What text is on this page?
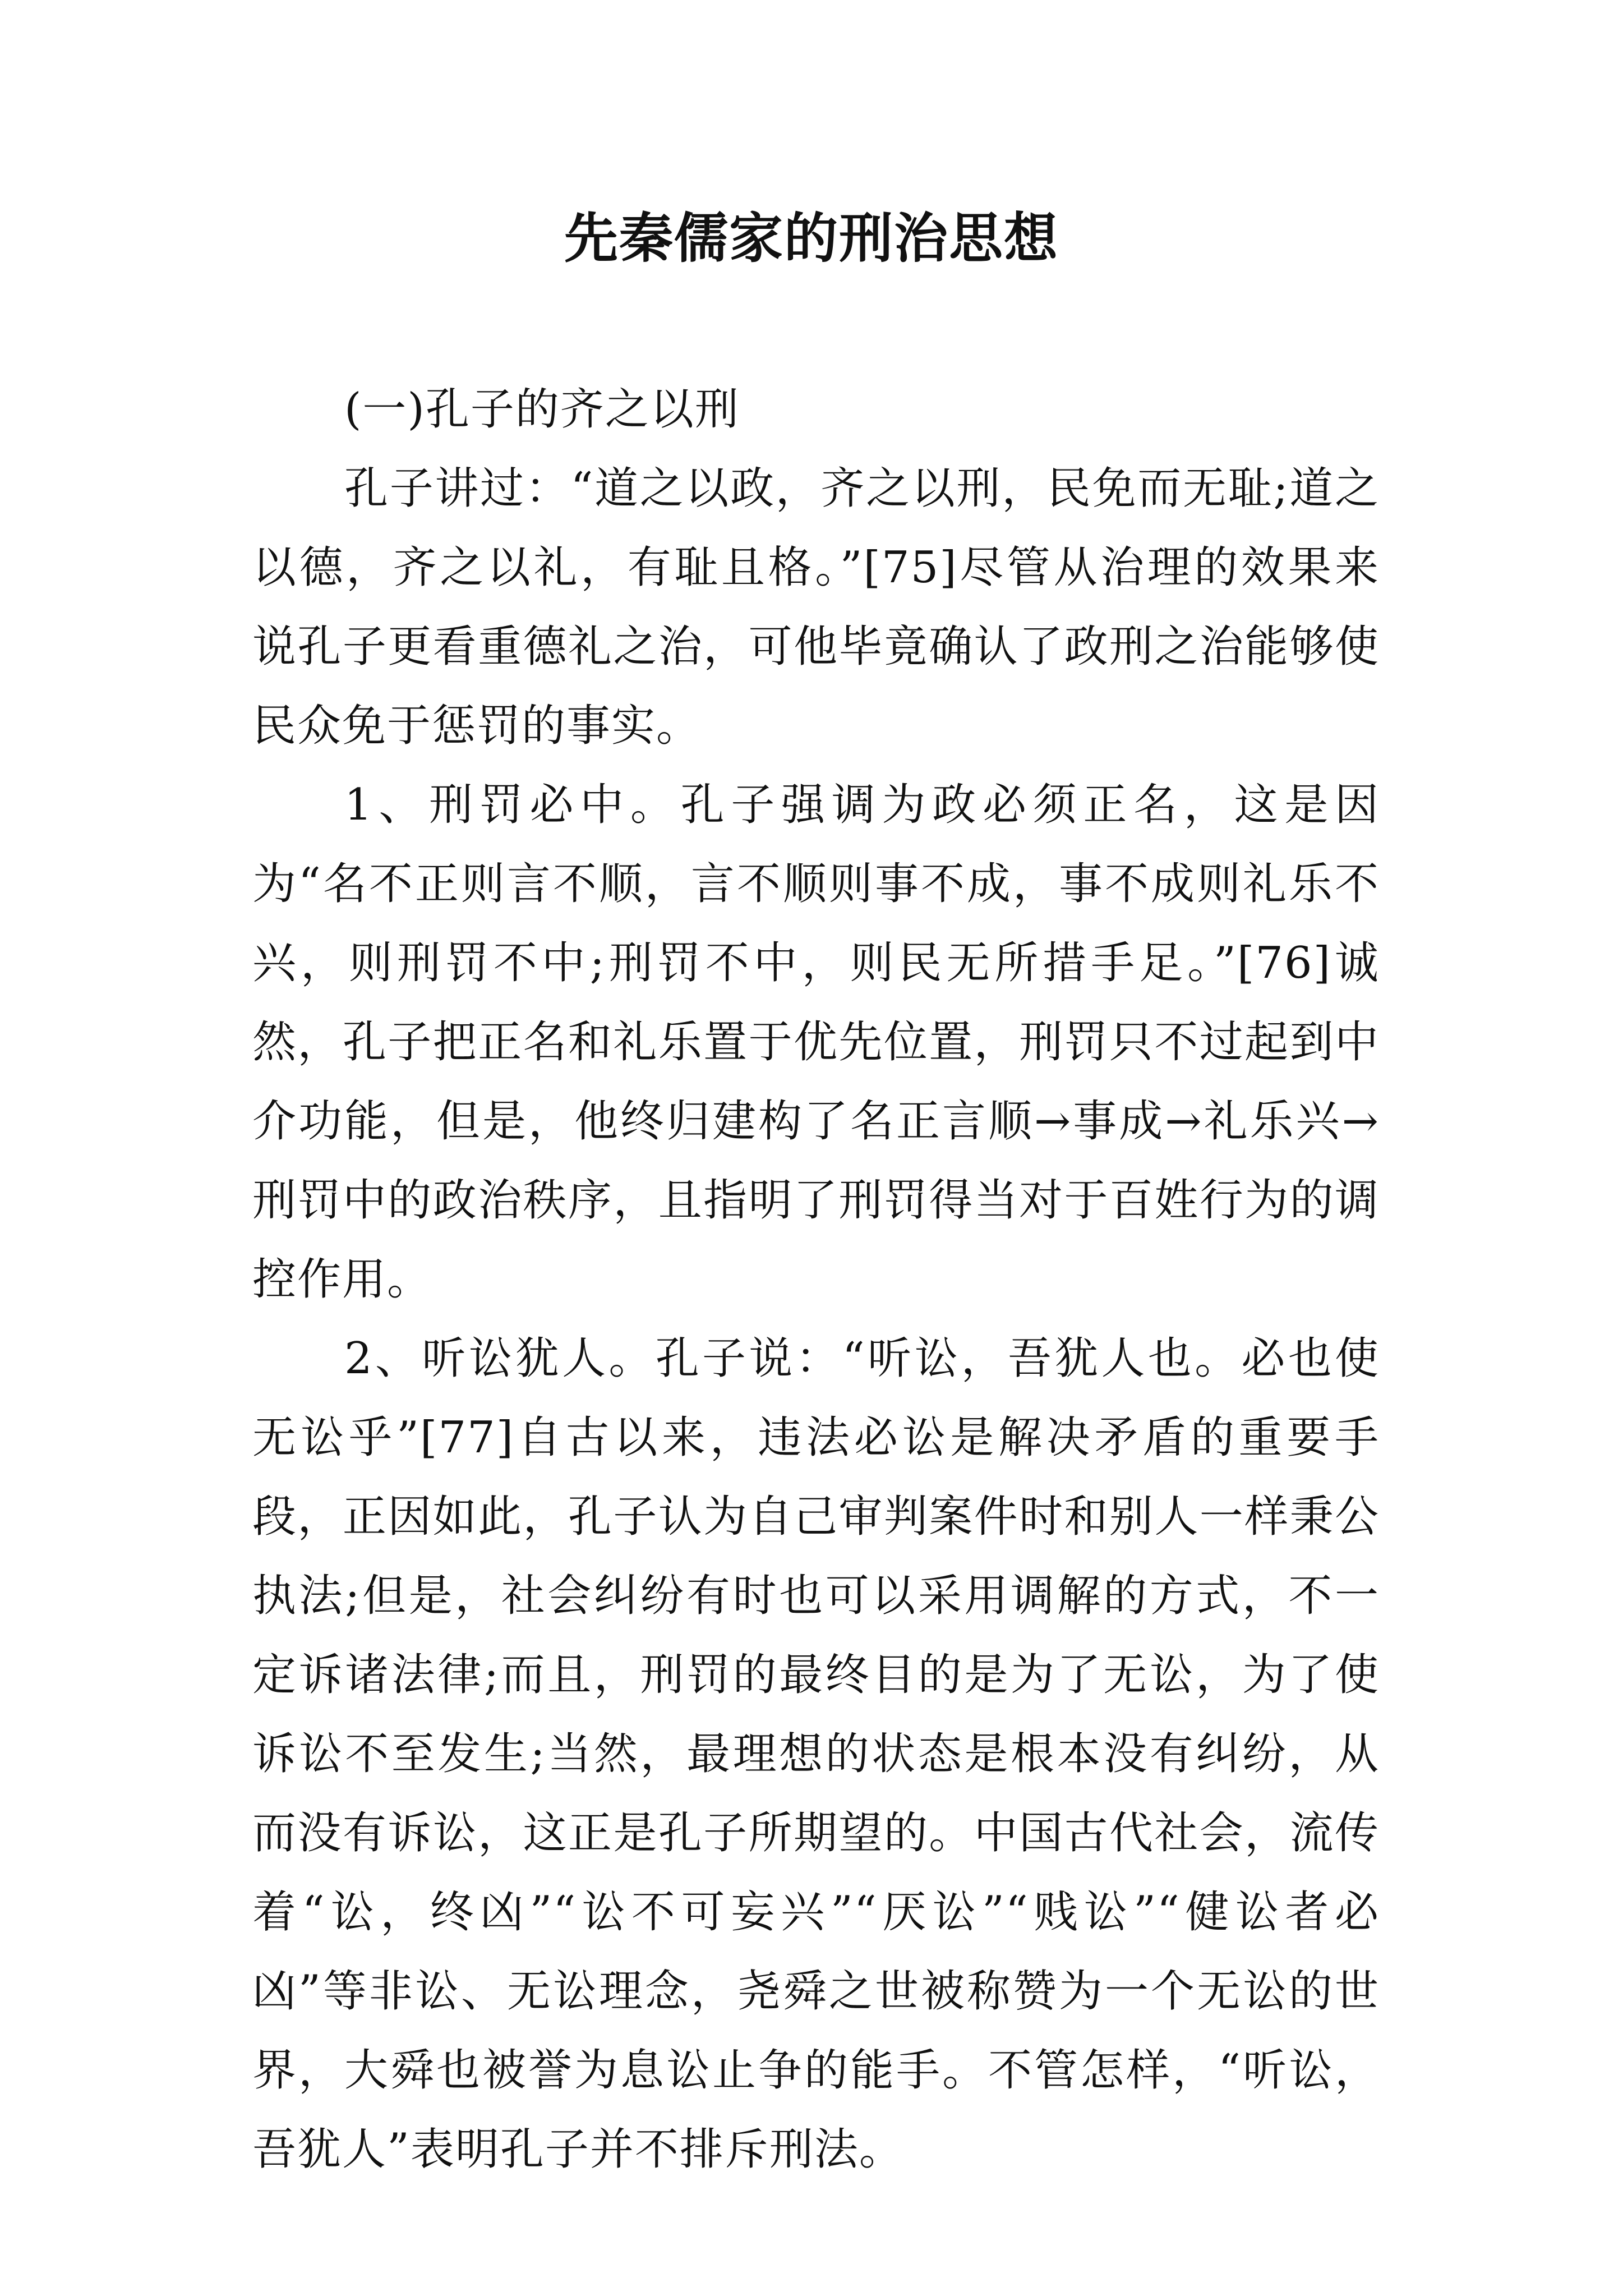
先秦儒家的刑治思想

(一)孔子的齐之以刑

孔子讲过：“道之以政，齐之以刑，民免而无耻;道之以德，齐之以礼，有耻且格。”[75]尽管从治理的效果来说孔子更看重德礼之治，可他毕竟确认了政刑之治能够使民众免于惩罚的事实。

1、刑罚必中。孔子强调为政必须正名，这是因为“名不正则言不顺，言不顺则事不成，事不成则礼乐不兴，则刑罚不中;刑罚不中，则民无所措手足。”[76]诚然，孔子把正名和礼乐置于优先位置，刑罚只不过起到中介功能，但是，他终归建构了名正言顺→事成→礼乐兴→刑罚中的政治秩序，且指明了刑罚得当对于百姓行为的调控作用。

2、听讼犹人。孔子说：“听讼，吾犹人也。必也使无讼乎”[77]自古以来，违法必讼是解决矛盾的重要手段，正因如此，孔子认为自己审判案件时和别人一样秉公执法;但是，社会纠纷有时也可以采用调解的方式，不一定诉诸法律;而且，刑罚的最终目的是为了无讼，为了使诉讼不至发生;当然，最理想的状态是根本没有纠纷，从而没有诉讼，这正是孔子所期望的。中国古代社会，流传着“讼，终凶”“讼不可妄兴”“厌讼”“贱讼”“健讼者必凶”等非讼、无讼理念，尧舜之世被称赞为一个无讼的世界，大舜也被誉为息讼止争的能手。不管怎样，“听讼，吾犹人”表明孔子并不排斥刑法。
